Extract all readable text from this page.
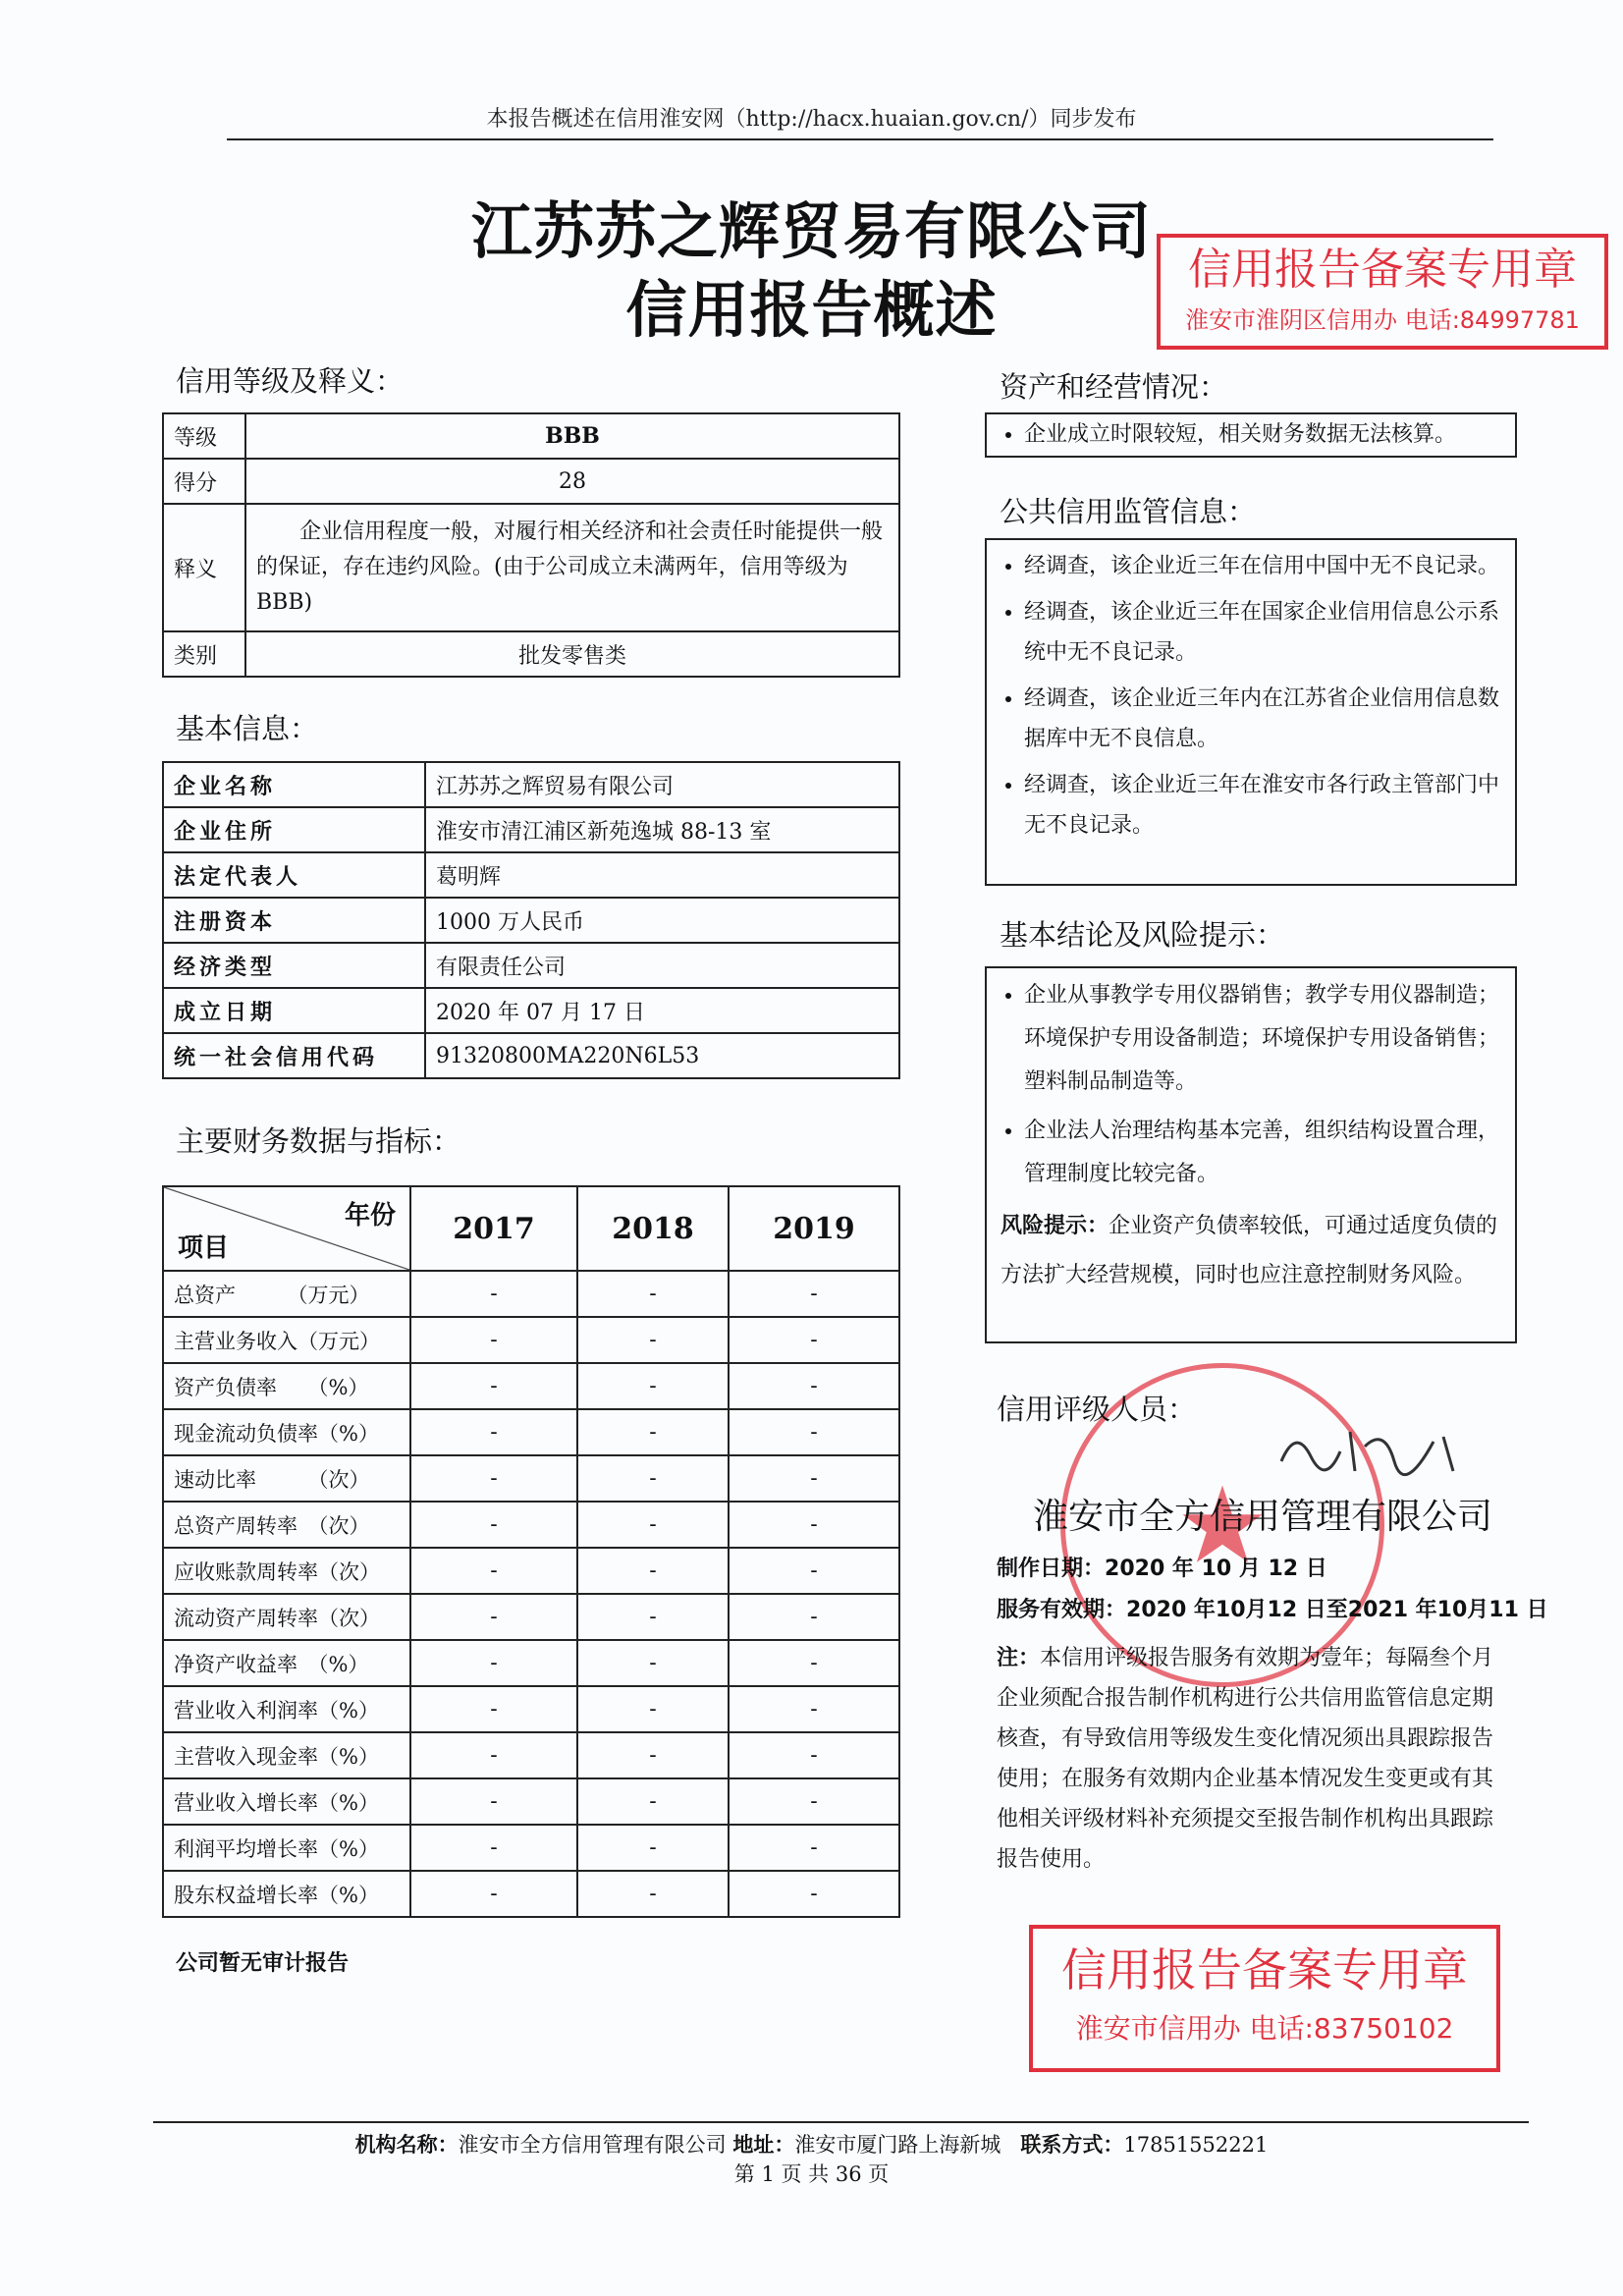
本报告概述在信用淮安网（http://hacx.huaian.gov.cn/）同步发布
江苏苏之辉贸易有限公司
信用报告概述
信用报告备案专用章
淮安市淮阴区信用办 电话:84997781
信用等级及释义：
等级	BBB
得分	28
释义	企业信用程度一般，对履行相关经济和社会责任时能提供一般的保证，存在违约风险。(由于公司成立未满两年，信用等级为 BBB)
类别	批发零售类
基本信息：
企业名称	江苏苏之辉贸易有限公司
企业住所	淮安市清江浦区新苑逸城 88-13 室
法定代表人	葛明辉
注册资本	1000 万人民币
经济类型	有限责任公司
成立日期	2020 年 07 月 17 日
统一社会信用代码	91320800MA220N6L53
主要财务数据与指标：
年份
项目	2017	2018	2019
总资产　　　（万元）	-	-	-
主营业务收入（万元）	-	-	-
资产负债率　　（%）	-	-	-
现金流动负债率（%）	-	-	-
速动比率　　　（次）	-	-	-
总资产周转率　（次）	-	-	-
应收账款周转率（次）	-	-	-
流动资产周转率（次）	-	-	-
净资产收益率　（%）	-	-	-
营业收入利润率（%）	-	-	-
主营收入现金率（%）	-	-	-
营业收入增长率（%）	-	-	-
利润平均增长率（%）	-	-	-
股东权益增长率（%）	-	-	-
公司暂无审计报告
资产和经营情况：
• 企业成立时限较短，相关财务数据无法核算。
公共信用监管信息：
• 经调查，该企业近三年在信用中国中无不良记录。
• 经调查，该企业近三年在国家企业信用信息公示系统中无不良记录。
• 经调查，该企业近三年内在江苏省企业信用信息数据库中无不良信息。
• 经调查，该企业近三年在淮安市各行政主管部门中无不良记录。
基本结论及风险提示：
• 企业从事教学专用仪器销售；教学专用仪器制造；环境保护专用设备制造；环境保护专用设备销售；塑料制品制造等。
• 企业法人治理结构基本完善，组织结构设置合理，管理制度比较完备。
风险提示：企业资产负债率较低，可通过适度负债的方法扩大经营规模，同时也应注意控制财务风险。
信用评级人员：
淮安市全方信用管理有限公司
制作日期：2020 年 10 月 12 日
服务有效期：2020 年10月12 日至2021 年10月11 日
注：本信用评级报告服务有效期为壹年；每隔叁个月企业须配合报告制作机构进行公共信用监管信息定期核查，有导致信用等级发生变化情况须出具跟踪报告使用；在服务有效期内企业基本情况发生变更或有其他相关评级材料补充须提交至报告制作机构出具跟踪报告使用。
信用报告备案专用章
淮安市信用办 电话:83750102
机构名称：淮安市全方信用管理有限公司 地址：淮安市厦门路上海新城 联系方式：17851552221
第 1 页 共 36 页
